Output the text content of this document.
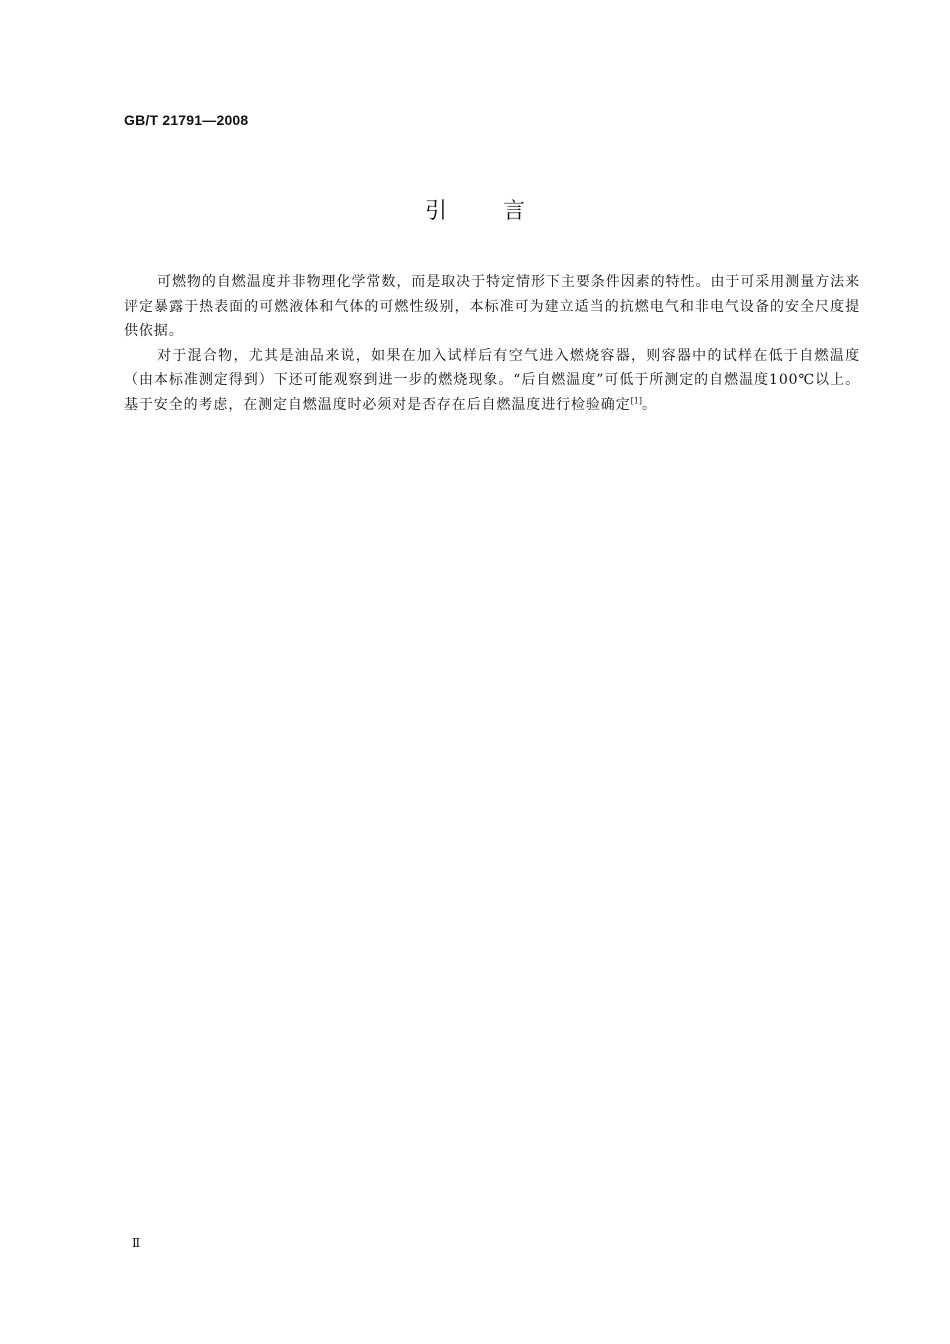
GB/T 21791—2008
引言

可燃物的自燃温度并非物理化学常数，而是取决于特定情形下主要条件因素的特性。由于可采用测量方法来评定暴露于热表面的可燃液体和气体的可燃性级别，本标准可为建立适当的抗燃电气和非电气设备的安全尺度提供依据。

对于混合物，尤其是油品来说，如果在加入试样后有空气进入燃烧容器，则容器中的试样在低于自燃温度（由本标准测定得到）下还可能观察到进一步的燃烧现象。“后自燃温度”可低于所测定的自燃温度100℃以上。基于安全的考虑，在测定自燃温度时必须对是否存在后自燃温度进行检验确定[1]。

Ⅱ
